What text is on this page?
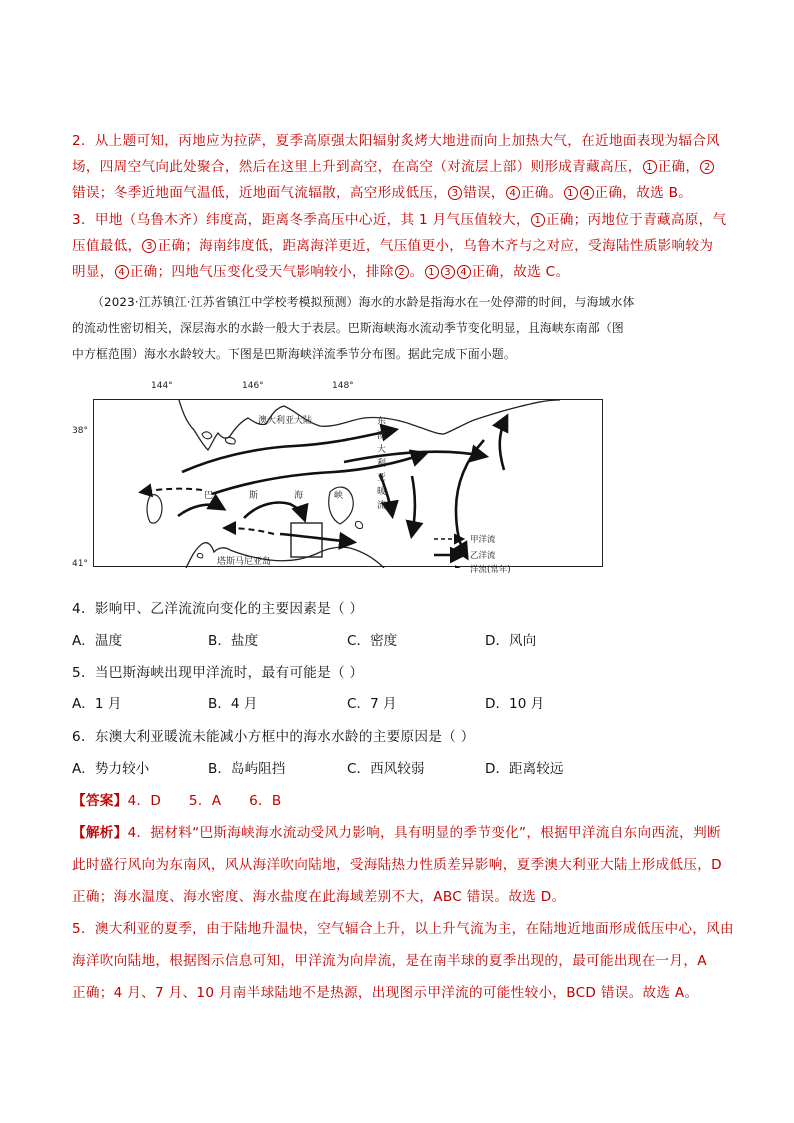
2．从上题可知，丙地应为拉萨，夏季高原强太阳辐射炙烤大地进而向上加热大气，在近地面表现为辐合风
场，四周空气向此处聚合，然后在这里上升到高空，在高空（对流层上部）则形成青藏高压， 1 正确， 2
错误；冬季近地面气温低，近地面气流辐散，高空形成低压， 3 错误， 4 正确。 1 4 正确，故选 B。
3．甲地（乌鲁木齐）纬度高，距离冬季高压中心近，其 1 月气压值较大， 1 正确；丙地位于青藏高原，气
压值最低， 3 正确；海南纬度低，距离海洋更近，气压值更小，乌鲁木齐与之对应，受海陆性质影响较为
明显， 4 正确；四地气压变化受天气影响较小，排除 2 。 1 3 4 正确，故选 C。
（2023·江苏镇江·江苏省镇江中学校考模拟预测）海水的水龄是指海水在一处停滞的时间，与海域水体
的流动性密切相关，深层海水的水龄一般大于表层。巴斯海峡海水流动季节变化明显，且海峡东南部（图
中方框范围）海水水龄较大。下图是巴斯海峡洋流季节分布图。据此完成下面小题。
144°	146°	148°
38°
41°
澳大利亚大陆
巴	斯	海	峡
东
澳
大
利
亚
暖
流
塔斯马尼亚岛
甲洋流
乙洋流
洋流(常年)
4．影响甲、乙洋流流向变化的主要因素是（ ）
A．温度	B．盐度	C．密度	D．风向
5．当巴斯海峡出现甲洋流时，最有可能是（ ）
A．1 月	B．4 月	C．7 月	D．10 月
6．东澳大利亚暖流未能减小方框中的海水水龄的主要原因是（ ）
A．势力较小	B．岛屿阻挡	C．西风较弱	D．距离较远
【答案】4．D      5．A      6．B
【解析】4．据材料“巴斯海峡海水流动受风力影响，具有明显的季节变化”，根据甲洋流自东向西流，判断
此时盛行风向为东南风，风从海洋吹向陆地，受海陆热力性质差异影响，夏季澳大利亚大陆上形成低压，D
正确；海水温度、海水密度、海水盐度在此海域差别不大，ABC 错误。故选 D。
5．澳大利亚的夏季，由于陆地升温快，空气辐合上升，以上升气流为主，在陆地近地面形成低压中心，风由
海洋吹向陆地，根据图示信息可知，甲洋流为向岸流，是在南半球的夏季出现的，最可能出现在一月，A
正确；4 月、7 月、10 月南半球陆地不是热源，出现图示甲洋流的可能性较小，BCD 错误。故选 A。
